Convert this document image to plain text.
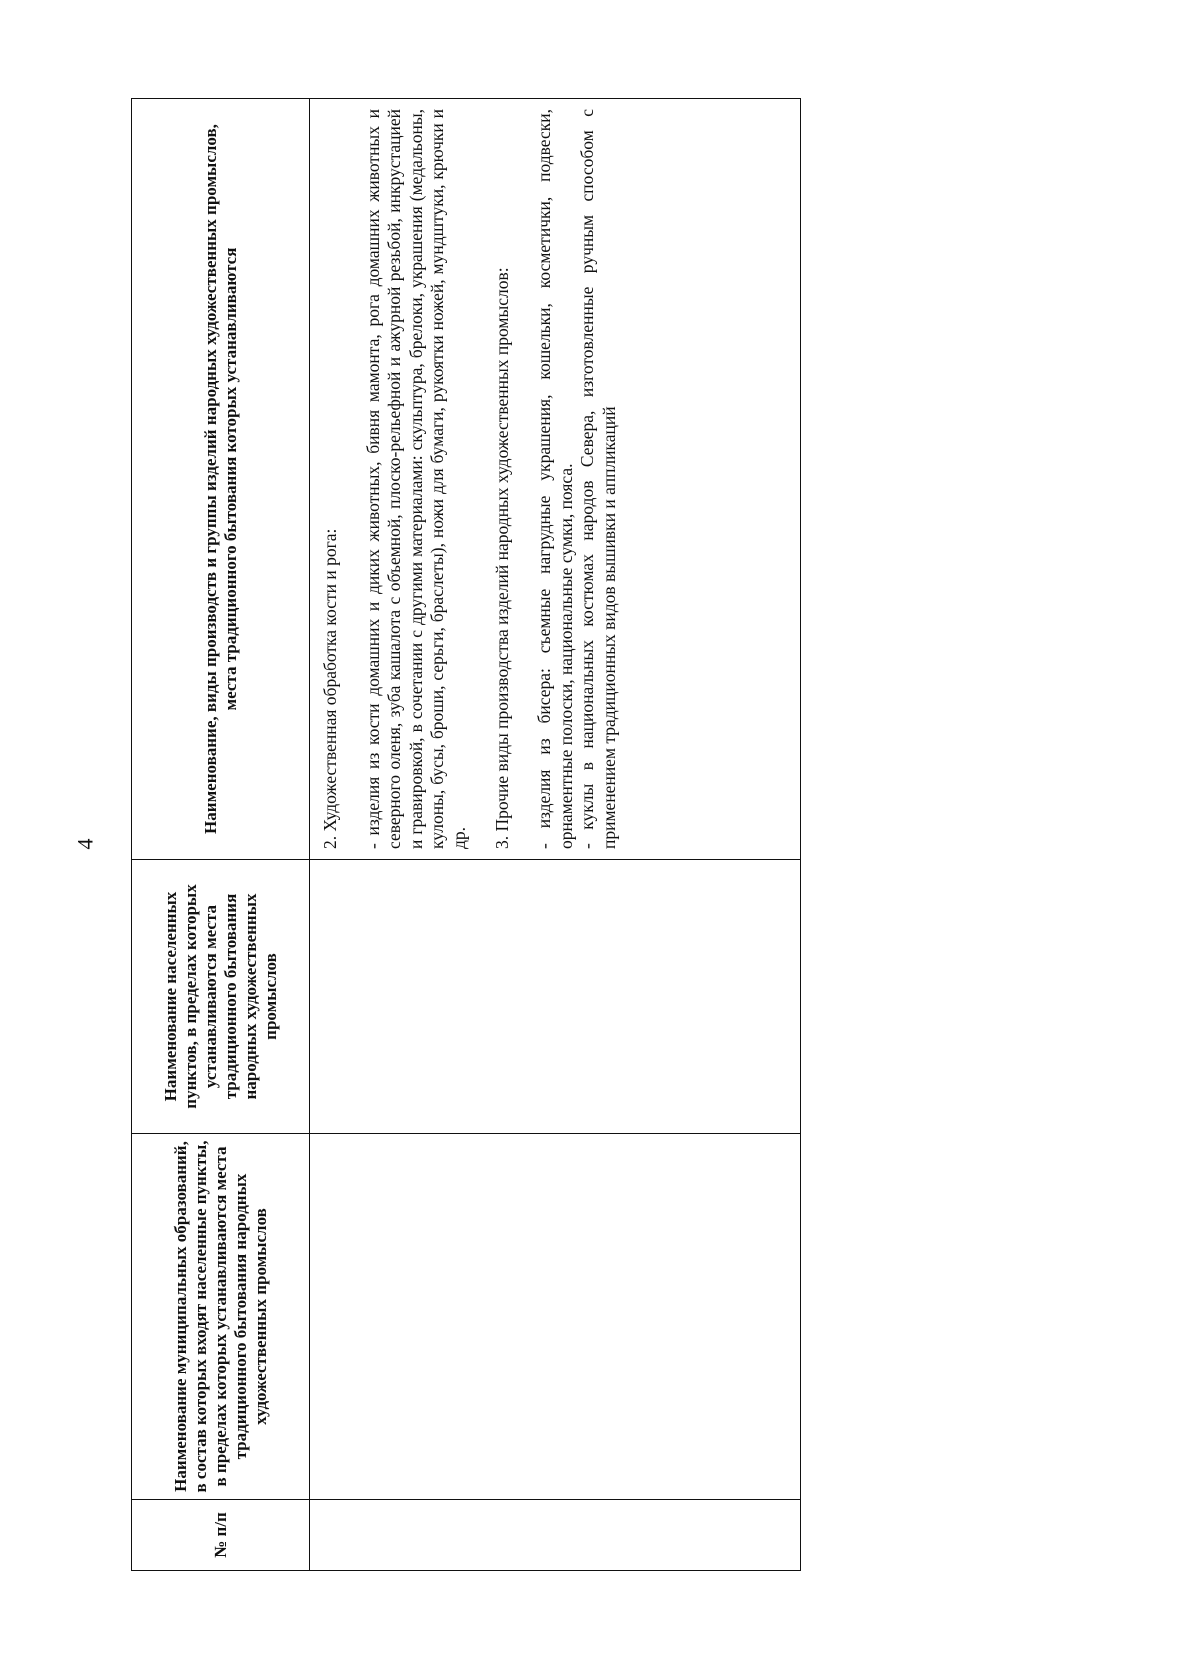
4
№ п/п	Наименование муниципальных образований, в состав которых входят населенные пункты, в пределах которых устанавливаются места традиционного бытования народных художественных промыслов	Наименование населенных пунктов, в пределах которых устанавливаются места традиционного бытования народных художественных промыслов	Наименование, виды производств и группы изделий народных художественных промыслов, места традиционного бытования которых устанавливаются

			2. Художественная обработка кости и рога: - изделия из кости домашних и диких животных, бивня мамонта, рога домашних животных и северного оленя, зуба кашалота с объемной, плоско-рельефной и ажурной резьбой, инкрустацией и гравировкой, в сочетании с другими материалами: скульптура, брелоки, украшения (медальоны, кулоны, бусы, броши, серьги, браслеты), ножи для бумаги, рукоятки ножей, мундштуки, крючки и др. 3. Прочие виды производства изделий народных художественных промыслов: - изделия из бисера: съемные нагрудные украшения, кошельки, косметички, подвески, орнаментные полоски, национальные сумки, пояса. - куклы в национальных костюмах народов Севера, изготовленные ручным способом с применением традиционных видов вышивки и аппликаций
